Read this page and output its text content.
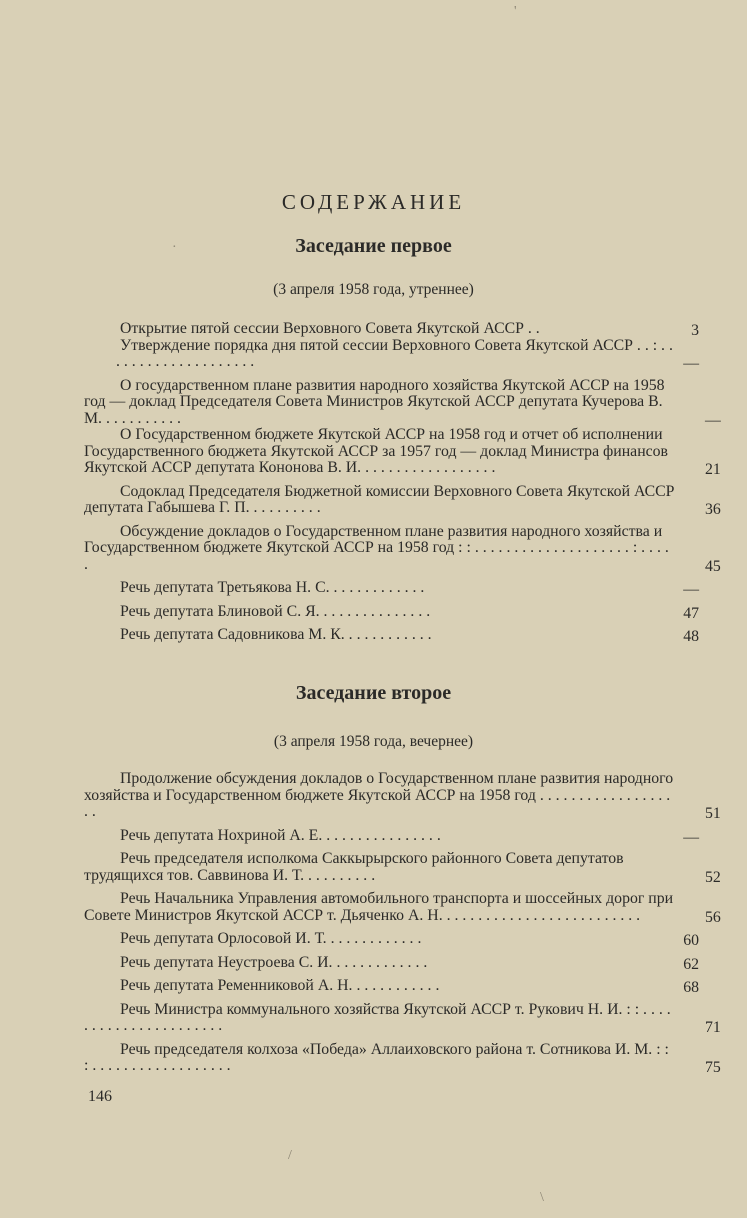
'
·
/
\
СОДЕРЖАНИЕ
Заседание первое
(3 апреля 1958 года, утреннее)
Открытие пятой сессии Верховного Совета Якутской АССР . .	3
Утверждение порядка дня пятой сессии Верховного Совета Якутской АССР . . : . . . . . . . . . . . . . . . . . . . .	—
О государственном плане развития народного хозяйства Якутской АССР на 1958 год — доклад Председателя Совета Министров Якутской АССР депутата Кучерова В. М. . . . . . . . . . .	—
О Государственном бюджете Якутской АССР на 1958 год и отчет об исполнении Государственного бюджета Якутской АССР за 1957 год — доклад Министра финансов Якутской АССР депутата Кононова В. И. . . . . . . . . . . . . . . . . .	21
Содоклад Председателя Бюджетной комиссии Верховного Совета Якутской АССР депутата Габышева Г. П. . . . . . . . . .	36
Обсуждение докладов о Государственном плане развития народного хозяйства и Государственном бюджете Якутской АССР на 1958 год : : . . . . . . . . . . . . . . . . . . . . : . . . . .	45
Речь депутата Третьякова Н. С. . . . . . . . . . . . .	—
Речь депутата Блиновой С. Я. . . . . . . . . . . . . . .	47
Речь депутата Садовникова М. К. . . . . . . . . . . .	48
Заседание второе
(3 апреля 1958 года, вечернее)
Продолжение обсуждения докладов о Государственном плане развития народного хозяйства и Государственном бюджете Якутской АССР на 1958 год . . . . . . . . . . . . . . . . . . .	51
Речь депутата Нохриной А. Е. . . . . . . . . . . . . . . .	—
Речь председателя исполкома Саккырырского районного Совета депутатов трудящихся тов. Саввинова И. Т. . . . . . . . . .	52
Речь Начальника Управления автомобильного транспорта и шоссейных дорог при Совете Министров Якутской АССР т. Дьяченко А. Н. . . . . . . . . . . . . . . . . . . . . . . . . .	56
Речь депутата Орлосовой И. Т. . . . . . . . . . . . .	60
Речь депутата Неустроева С. И. . . . . . . . . . . . .	62
Речь депутата Ременниковой А. Н. . . . . . . . . . . .	68
Речь Министра коммунального хозяйства Якутской АССР т. Рукович Н. И. : : . . . . . . . . . . . . . . . . . . . . . .	71
Речь председателя колхоза «Победа» Аллаиховского района т. Сотникова И. М. : : : . . . . . . . . . . . . . . . . . .	75
146
